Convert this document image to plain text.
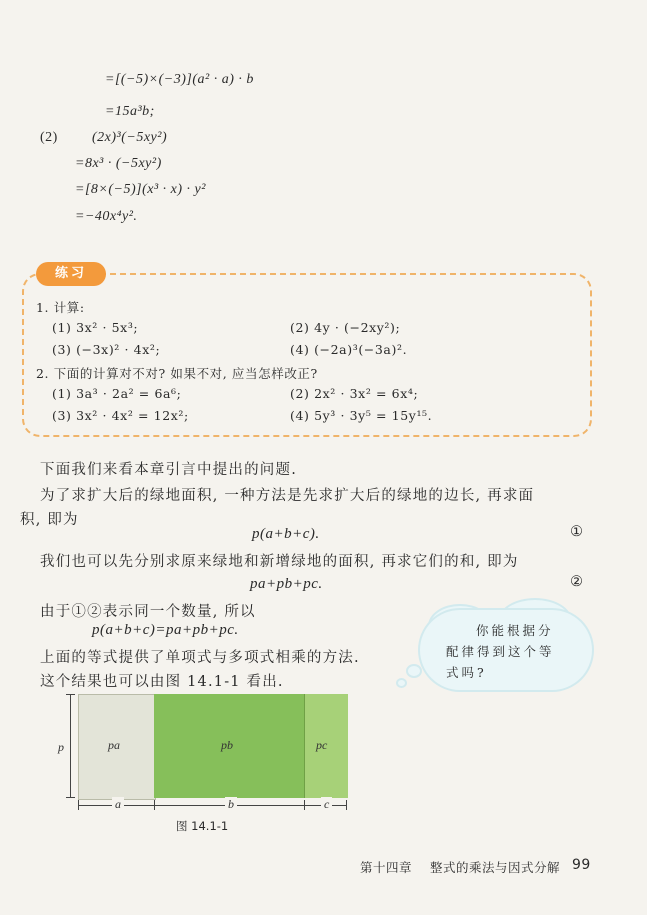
=[(−5)×(−3)](a² · a) · b
=15a³b;
(2) (2x)³(−5xy²)
=8x³ · (−5xy²)
=[8×(−5)](x³ · x) · y²
=−40x⁴y².
练习
1. 计算:
(1) 3x² · 5x³;	(2) 4y · (−2xy²);
(3) (−3x)² · 4x²;	(4) (−2a)³(−3a)².
2. 下面的计算对不对? 如果不对, 应当怎样改正?
(1) 3a³ · 2a² = 6a⁶;	(2) 2x² · 3x² = 6x⁴;
(3) 3x² · 4x² = 12x²;	(4) 5y³ · 3y⁵ = 15y¹⁵.
下面我们来看本章引言中提出的问题.
为了求扩大后的绿地面积, 一种方法是先求扩大后的绿地的边长, 再求面
积, 即为
p(a+b+c).	①
我们也可以先分别求原来绿地和新增绿地的面积, 再求它们的和, 即为
pa+pb+pc.	②
由于①②表示同一个数量, 所以
p(a+b+c)=pa+pb+pc.
上面的等式提供了单项式与多项式相乘的方法.
这个结果也可以由图 14.1-1 看出.
你能根据分
配律得到这个等
式吗?
pa	pb	pc
p
a	b	c
图 14.1-1
第十四章 整式的乘法与因式分解 99
